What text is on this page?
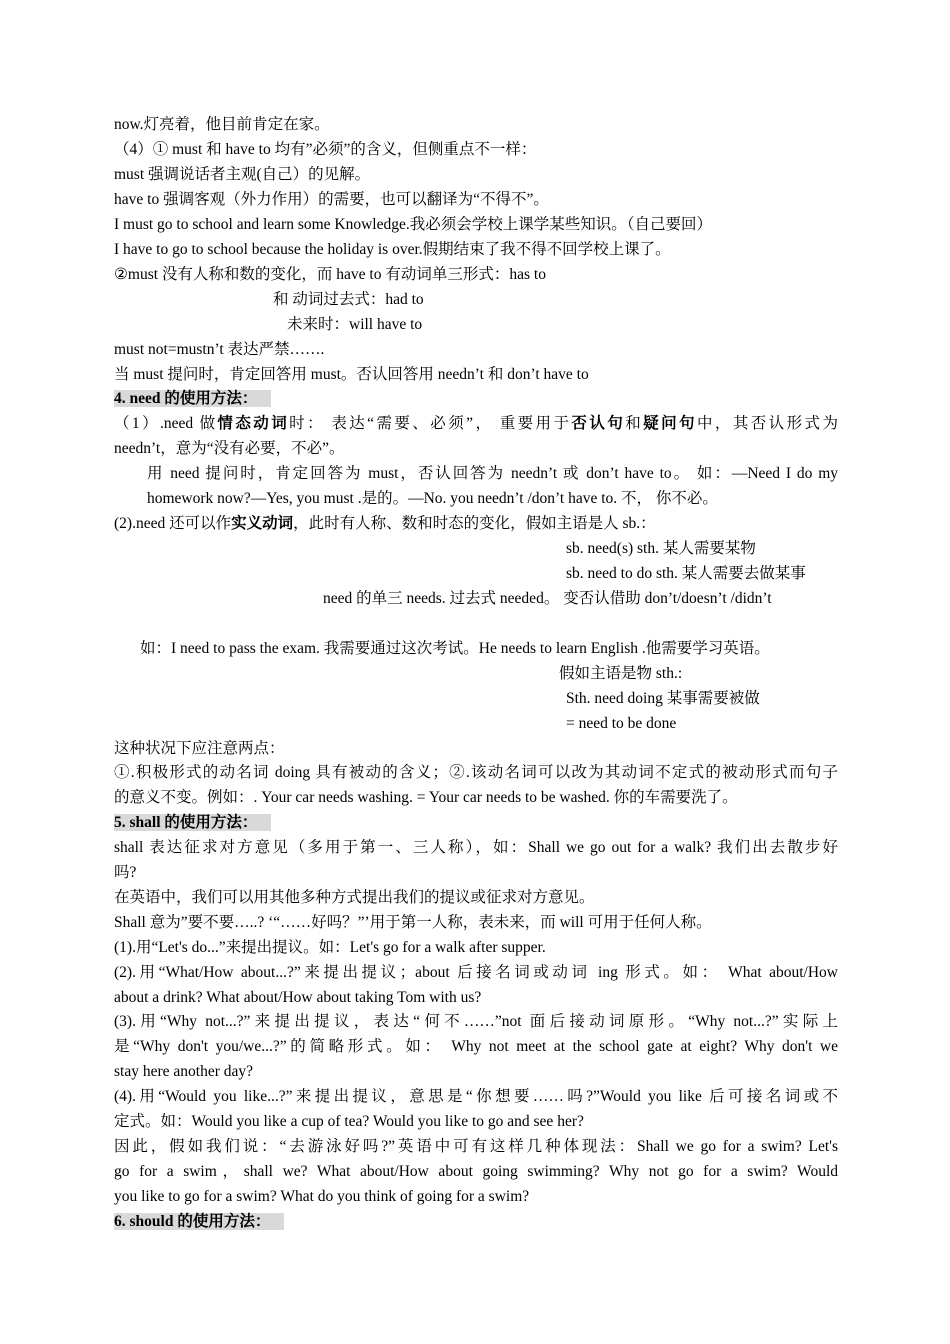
now.灯亮着，他目前肯定在家。
（4）① must 和 have to 均有”必须”的含义，但侧重点不一样：
must 强调说话者主观(自己）的见解。
have to 强调客观（外力作用）的需要，也可以翻译为“不得不”。
I must go to school and learn some Knowledge.我必须会学校上课学某些知识。（自己要回）
I have to go to school because the holiday is over.假期结束了我不得不回学校上课了。
②must 没有人称和数的变化，而 have to 有动词单三形式：has to
和 动词过去式：had to
未来时：will have to
must not=mustn’t 表达严禁…….
当 must 提问时，肯定回答用 must。否认回答用 needn’t 和 don’t have to
4. need 的使用方法：
（1）.need 做情态动词时： 表达“需要、必须”， 重要用于否认句和疑问句中，其否认形式为
needn’t，意为“没有必要，不必”。
用 need 提问时，肯定回答为 must，否认回答为 needn’t 或 don’t have to。 如：—Need I do my
homework now?—Yes, you must .是的。—No. you needn’t /don’t have to. 不， 你不必。
(2).need 还可以作实义动词，此时有人称、数和时态的变化，假如主语是人 sb.：
sb. need(s) sth. 某人需要某物
sb. need to do sth. 某人需要去做某事
need 的单三 needs. 过去式 needed。 变否认借助 don’t/doesn’t /didn’t
如：I need to pass the exam. 我需要通过这次考试。He needs to learn English .他需要学习英语。
假如主语是物 sth.:
Sth. need doing 某事需要被做
= need to be done
这种状况下应注意两点：
①.积极形式的动名词 doing 具有被动的含义；②.该动名词可以改为其动词不定式的被动形式而句子
的意义不变。例如：. Your car needs washing. = Your car needs to be washed. 你的车需要洗了。
5. shall 的使用方法：
shall 表达征求对方意见（多用于第一、三人称），如：Shall we go out for a walk? 我们出去散步好
吗?
在英语中，我们可以用其他多种方式提出我们的提议或征求对方意见。
Shall 意为”要不要…..? ‘“……好吗？”’用于第一人称，表未来，而 will 可用于任何人称。
(1).用“Let's do...”来提出提议。如：Let's go for a walk after supper.
(2).用“What/How about...?”来提出提议；about 后接名词或动词 ing 形式。如： What about/How
about a drink? What about/How about taking Tom with us?
(3).用“Why not...?”来提出提议，表达“何不……”not 面后接动词原形。“Why not...?”实际上
是“Why don't you/we...?”的简略形式。如： Why not meet at the school gate at eight? Why don't we
stay here another day?
(4).用“Would you like...?”来提出提议，意思是“你想要……吗?”Would you like 后可接名词或不
定式。如：Would you like a cup of tea? Would you like to go and see her?
因此，假如我们说：“去游泳好吗?”英语中可有这样几种体现法：Shall we go for a swim? Let's
go for a swim，shall we? What about/How about going swimming? Why not go for a swim? Would
you like to go for a swim? What do you think of going for a swim?
6. should 的使用方法：
